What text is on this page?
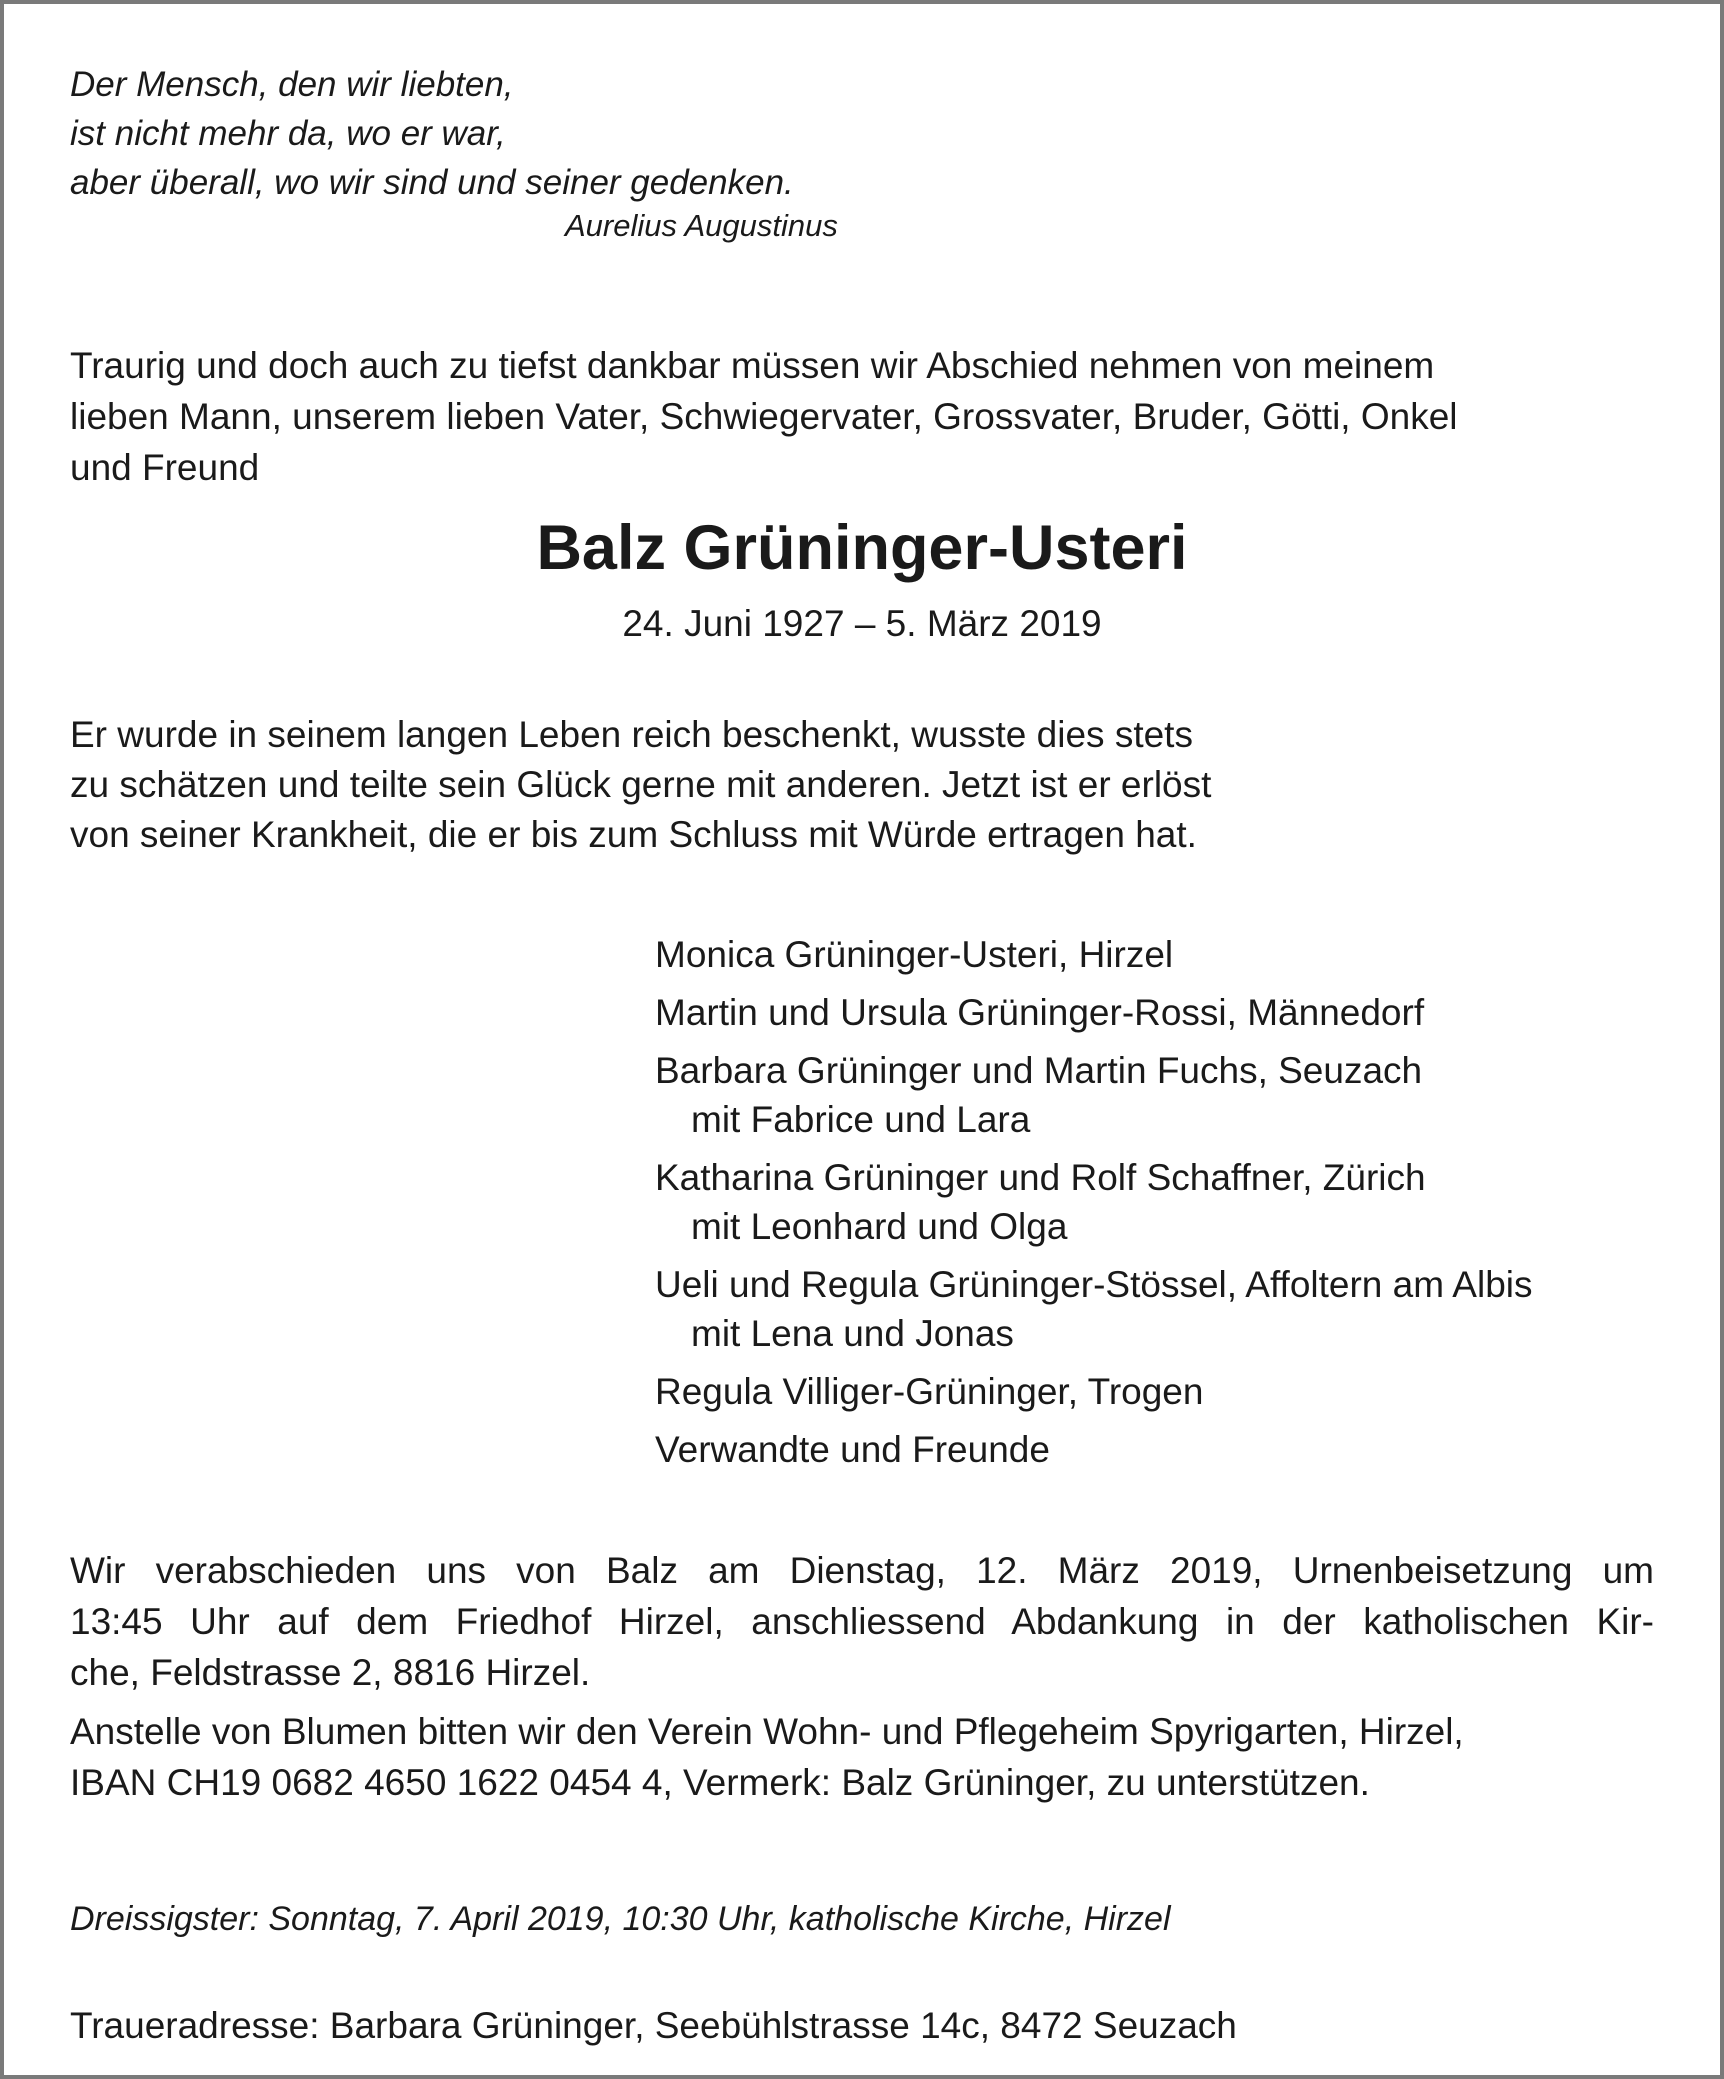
Der Mensch, den wir liebten,
ist nicht mehr da, wo er war,
aber überall, wo wir sind und seiner gedenken.
Aurelius Augustinus
Traurig und doch auch zu tiefst dankbar müssen wir Abschied nehmen von meinem
lieben Mann, unserem lieben Vater, Schwiegervater, Grossvater, Bruder, Götti, Onkel
und Freund
Balz Grüninger-Usteri
24. Juni 1927 – 5. März 2019
Er wurde in seinem langen Leben reich beschenkt, wusste dies stets
zu schätzen und teilte sein Glück gerne mit anderen. Jetzt ist er erlöst
von seiner Krankheit, die er bis zum Schluss mit Würde ertragen hat.
Monica Grüninger-Usteri, Hirzel
Martin und Ursula Grüninger-Rossi, Männedorf
Barbara Grüninger und Martin Fuchs, Seuzach
mit Fabrice und Lara
Katharina Grüninger und Rolf Schaffner, Zürich
mit Leonhard und Olga
Ueli und Regula Grüninger-Stössel, Affoltern am Albis
mit Lena und Jonas
Regula Villiger-Grüninger, Trogen
Verwandte und Freunde
Wir verabschieden uns von Balz am Dienstag, 12. März 2019, Urnenbeisetzung um
13:45 Uhr auf dem Friedhof Hirzel, anschliessend Abdankung in der katholischen Kir-
che, Feldstrasse 2, 8816 Hirzel.
Anstelle von Blumen bitten wir den Verein Wohn- und Pflegeheim Spyrigarten, Hirzel,
IBAN CH19 0682 4650 1622 0454 4, Vermerk: Balz Grüninger, zu unterstützen.
Dreissigster: Sonntag, 7. April 2019, 10:30 Uhr, katholische Kirche, Hirzel
Traueradresse: Barbara Grüninger, Seebühlstrasse 14c, 8472 Seuzach
